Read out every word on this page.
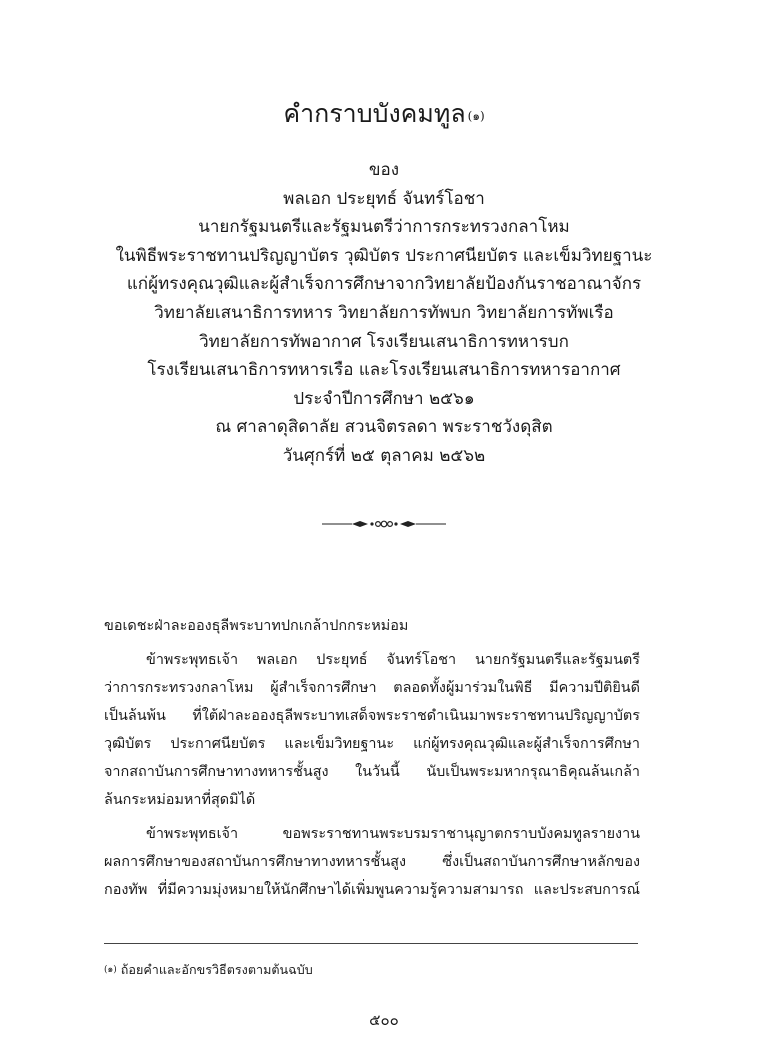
คำกราบบังคมทูล $^{(๑)}$
ของ
พลเอก ประยุทธ์ จันทร์โอชา
นายกรัฐมนตรีและรัฐมนตรีว่าการกระทรวงกลาโหม
ในพิธีพระราชทานปริญญาบัตร วุฒิบัตร ประกาศนียบัตร และเข็มวิทยฐานะ
แก่ผู้ทรงคุณวุฒิและผู้สำเร็จการศึกษาจากวิทยาลัยป้องกันราชอาณาจักร
วิทยาลัยเสนาธิการทหาร วิทยาลัยการทัพบก วิทยาลัยการทัพเรือ
วิทยาลัยการทัพอากาศ โรงเรียนเสนาธิการทหารบก
โรงเรียนเสนาธิการทหารเรือ และโรงเรียนเสนาธิการทหารอากาศ
ประจำปีการศึกษา ๒๕๖๑
ณ ศาลาดุสิดาลัย สวนจิตรลดา พระราชวังดุสิต
วันศุกร์ที่ ๒๕ ตุลาคม ๒๕๖๒
ขอเดชะฝ่าละอองธุลีพระบาทปกเกล้าปกกระหม่อม
ข้าพระพุทธเจ้า พลเอก ประยุทธ์ จันทร์โอชา นายกรัฐมนตรีและรัฐมนตรี
ว่าการกระทรวงกลาโหม ผู้สำเร็จการศึกษา ตลอดทั้งผู้มาร่วมในพิธี มีความปีติยินดี
เป็นล้นพ้น ที่ใต้ฝ่าละอองธุลีพระบาทเสด็จพระราชดำเนินมาพระราชทานปริญญาบัตร
วุฒิบัตร ประกาศนียบัตร และเข็มวิทยฐานะ แก่ผู้ทรงคุณวุฒิและผู้สำเร็จการศึกษา
จากสถาบันการศึกษาทางทหารชั้นสูง ในวันนี้ นับเป็นพระมหากรุณาธิคุณล้นเกล้า
ล้นกระหม่อมหาที่สุดมิได้
ข้าพระพุทธเจ้า ขอพระราชทานพระบรมราชานุญาตกราบบังคมทูลรายงาน
ผลการศึกษาของสถาบันการศึกษาทางทหารชั้นสูง ซึ่งเป็นสถาบันการศึกษาหลักของ
กองทัพ ที่มีความมุ่งหมายให้นักศึกษาได้เพิ่มพูนความรู้ความสามารถ และประสบการณ์
$^{(๑)}$ ถ้อยคำและอักขรวิธีตรงตามต้นฉบับ
๕๐๐
